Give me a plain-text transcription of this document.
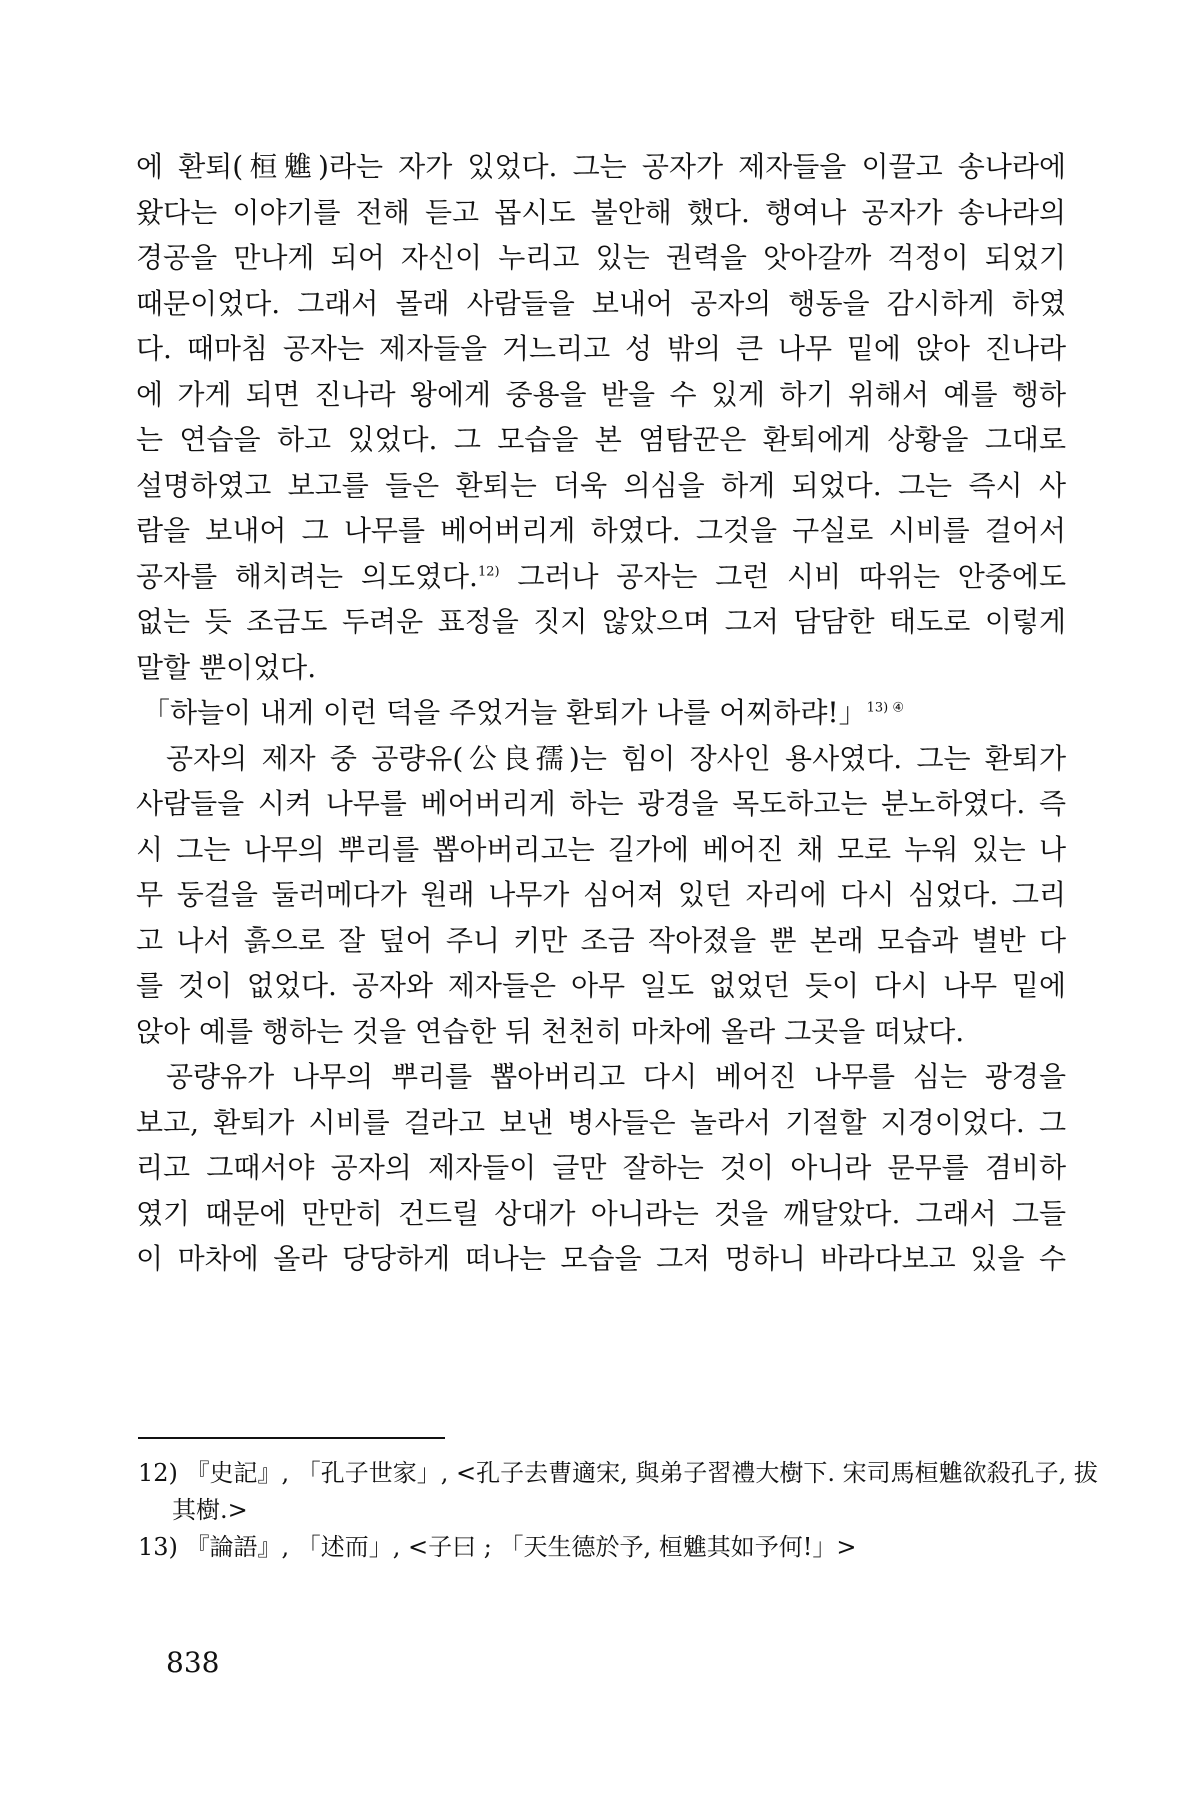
에 환퇴(桓魋)라는 자가 있었다. 그는 공자가 제자들을 이끌고 송나라에
왔다는 이야기를 전해 듣고 몹시도 불안해 했다. 행여나 공자가 송나라의
경공을 만나게 되어 자신이 누리고 있는 권력을 앗아갈까 걱정이 되었기
때문이었다. 그래서 몰래 사람들을 보내어 공자의 행동을 감시하게 하였
다. 때마침 공자는 제자들을 거느리고 성 밖의 큰 나무 밑에 앉아 진나라
에 가게 되면 진나라 왕에게 중용을 받을 수 있게 하기 위해서 예를 행하
는 연습을 하고 있었다. 그 모습을 본 염탐꾼은 환퇴에게 상황을 그대로
설명하였고 보고를 들은 환퇴는 더욱 의심을 하게 되었다. 그는 즉시 사
람을 보내어 그 나무를 베어버리게 하였다. 그것을 구실로 시비를 걸어서
공자를 해치려는 의도였다.$^{12)}$ 그러나 공자는 그런 시비 따위는 안중에도
없는 듯 조금도 두려운 표정을 짓지 않았으며 그저 담담한 태도로 이렇게
말할 뿐이었다.
「하늘이 내게 이런 덕을 주었거늘 환퇴가 나를 어찌하랴!」$^{13) ④}$
공자의 제자 중 공량유(公良孺)는 힘이 장사인 용사였다. 그는 환퇴가
사람들을 시켜 나무를 베어버리게 하는 광경을 목도하고는 분노하였다. 즉
시 그는 나무의 뿌리를 뽑아버리고는 길가에 베어진 채 모로 누워 있는 나
무 둥걸을 둘러메다가 원래 나무가 심어져 있던 자리에 다시 심었다. 그리
고 나서 흙으로 잘 덮어 주니 키만 조금 작아졌을 뿐 본래 모습과 별반 다
를 것이 없었다. 공자와 제자들은 아무 일도 없었던 듯이 다시 나무 밑에
앉아 예를 행하는 것을 연습한 뒤 천천히 마차에 올라 그곳을 떠났다.
공량유가 나무의 뿌리를 뽑아버리고 다시 베어진 나무를 심는 광경을
보고, 환퇴가 시비를 걸라고 보낸 병사들은 놀라서 기절할 지경이었다. 그
리고 그때서야 공자의 제자들이 글만 잘하는 것이 아니라 문무를 겸비하
였기 때문에 만만히 건드릴 상대가 아니라는 것을 깨달았다. 그래서 그들
이 마차에 올라 당당하게 떠나는 모습을 그저 멍하니 바라다보고 있을 수
12) 『史記』, 「孔子世家」, <孔子去曹適宋, 與弟子習禮大樹下. 宋司馬桓魋欲殺孔子, 拔
其樹.>
13) 『論語』, 「述而」, <子曰 ; 「天生德於予, 桓魋其如予何!」>
838
